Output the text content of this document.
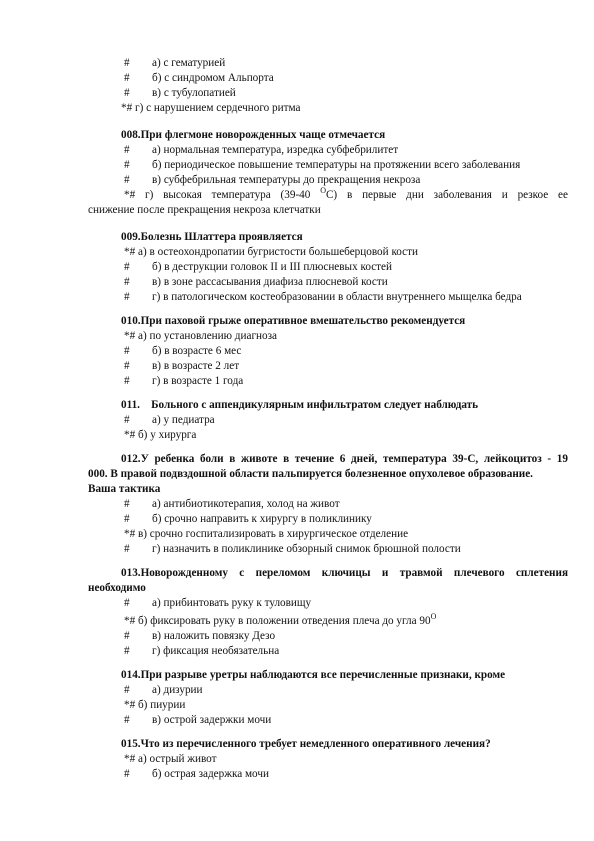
# а) с гематурией
# б) с синдромом Альпорта
# в) с тубулопатией
*# г) с нарушением сердечного ритма
008.При флегмоне новорожденных чаще отмечается
# а) нормальная температура, изредка субфебрилитет
# б) периодическое повышение температуры на протяжении всего заболевания
# в) субфебрильная температуры до прекращения некроза
*# г) высокая температура (39-40 $^О$С) в первые дни заболевания и резкое ее
снижение после прекращения некроза клетчатки
009.Болезнь Шлаттера проявляется
*# а) в остеохондропатии бугристости большеберцовой кости
# б) в деструкции головок II и III плюсневых костей
# в) в зоне рассасывания диафиза плюсневой кости
# г) в патологическом костеобразовании в области внутреннего мыщелка бедра
010.При паховой грыже оперативное вмешательство рекомендуется
*# а) по установлению диагноза
# б) в возрасте 6 мес
# в) в возрасте 2 лет
# г) в возрасте 1 года
011. Больного с аппендикулярным инфильтратом следует наблюдать
# а) у педиатра
*# б) у хирурга
012.У ребенка боли в животе в течение 6 дней, температура 39-С, лейкоцитоз - 19
000. В правой подвздошной области пальпируется болезненное опухолевое образование.
Ваша тактика
# а) антибиотикотерапия, холод на живот
# б) срочно направить к хирургу в поликлинику
*# в) срочно госпитализировать в хирургическое отделение
# г) назначить в поликлинике обзорный снимок брюшной полости
013.Новорожденному с переломом ключицы и травмой плечевого сплетения
необходимо
# а) прибинтовать руку к туловищу
*# б) фиксировать руку в положении отведения плеча до угла $90^О$
# в) наложить повязку Дезо
# г) фиксация необязательна
014.При разрыве уретры наблюдаются все перечисленные признаки, кроме
# а) дизурии
*# б) пиурии
# в) острой задержки мочи
015.Что из перечисленного требует немедленного оперативного лечения?
*# а) острый живот
# б) острая задержка мочи
